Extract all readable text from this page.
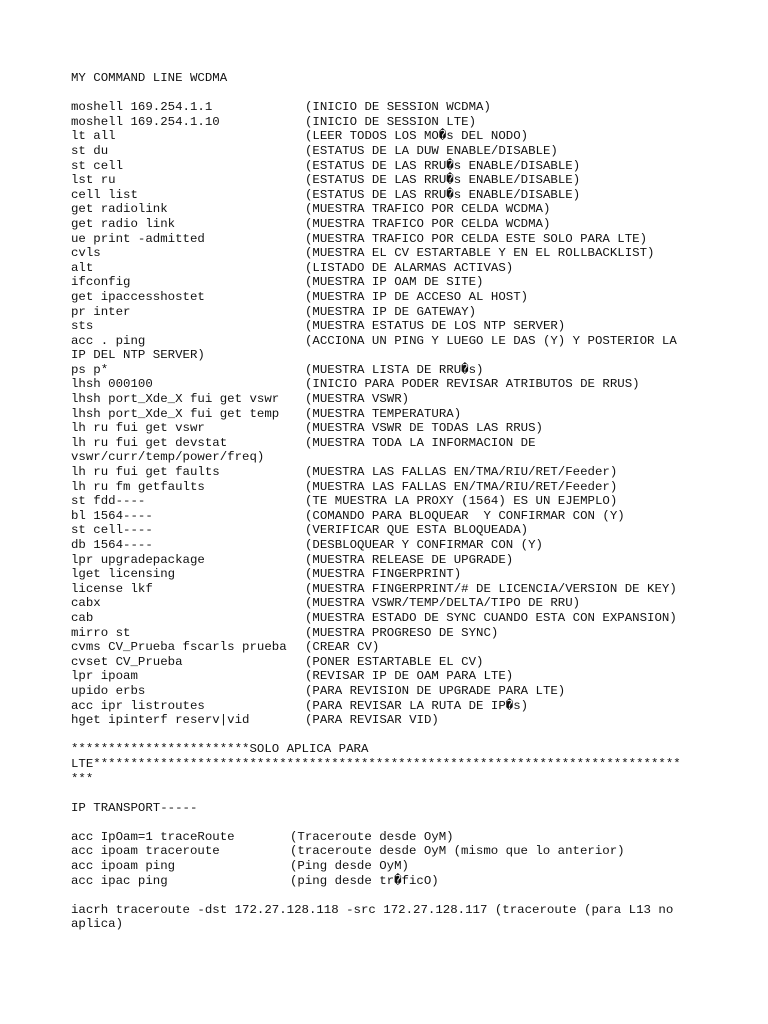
MY COMMAND LINE WCDMA
moshell 169.254.1.1	(INICIO DE SESSION WCDMA)
moshell 169.254.1.10	(INICIO DE SESSION LTE)
lt all	(LEER TODOS LOS MO�s DEL NODO)
st du	(ESTATUS DE LA DUW ENABLE/DISABLE)
st cell	(ESTATUS DE LAS RRU�s ENABLE/DISABLE)
lst ru	(ESTATUS DE LAS RRU�s ENABLE/DISABLE)
cell list	(ESTATUS DE LAS RRU�s ENABLE/DISABLE)
get radiolink	(MUESTRA TRAFICO POR CELDA WCDMA)
get radio link	(MUESTRA TRAFICO POR CELDA WCDMA)
ue print -admitted	(MUESTRA TRAFICO POR CELDA ESTE SOLO PARA LTE)
cvls	(MUESTRA EL CV ESTARTABLE Y EN EL ROLLBACKLIST)
alt	(LISTADO DE ALARMAS ACTIVAS)
ifconfig	(MUESTRA IP OAM DE SITE)
get ipaccesshostet	(MUESTRA IP DE ACCESO AL HOST)
pr inter	(MUESTRA IP DE GATEWAY)
sts	(MUESTRA ESTATUS DE LOS NTP SERVER)
acc . ping	(ACCIONA UN PING Y LUEGO LE DAS (Y) Y POSTERIOR LA
IP DEL NTP SERVER)
ps p*	(MUESTRA LISTA DE RRU�s)
lhsh 000100	(INICIO PARA PODER REVISAR ATRIBUTOS DE RRUS)
lhsh port_Xde_X fui get vswr	(MUESTRA VSWR)
lhsh port_Xde_X fui get temp	(MUESTRA TEMPERATURA)
lh ru fui get vswr	(MUESTRA VSWR DE TODAS LAS RRUS)
lh ru fui get devstat	(MUESTRA TODA LA INFORMACION DE
vswr/curr/temp/power/freq)
lh ru fui get faults	(MUESTRA LAS FALLAS EN/TMA/RIU/RET/Feeder)
lh ru fm getfaults	(MUESTRA LAS FALLAS EN/TMA/RIU/RET/Feeder)
st fdd----	(TE MUESTRA LA PROXY (1564) ES UN EJEMPLO)
bl 1564----	(COMANDO PARA BLOQUEAR  Y CONFIRMAR CON (Y)
st cell----	(VERIFICAR QUE ESTA BLOQUEADA)
db 1564----	(DESBLOQUEAR Y CONFIRMAR CON (Y)
lpr upgradepackage	(MUESTRA RELEASE DE UPGRADE)
lget licensing	(MUESTRA FINGERPRINT)
license lkf	(MUESTRA FINGERPRINT/# DE LICENCIA/VERSION DE KEY)
cabx	(MUESTRA VSWR/TEMP/DELTA/TIPO DE RRU)
cab	(MUESTRA ESTADO DE SYNC CUANDO ESTA CON EXPANSION)
mirro st	(MUESTRA PROGRESO DE SYNC)
cvms CV_Prueba fscarls prueba	(CREAR CV)
cvset CV_Prueba	(PONER ESTARTABLE EL CV)
lpr ipoam	(REVISAR IP DE OAM PARA LTE)
upido erbs	(PARA REVISION DE UPGRADE PARA LTE)
acc ipr listroutes	(PARA REVISAR LA RUTA DE IP�s)
hget ipinterf reserv|vid	(PARA REVISAR VID)
************************SOLO APLICA PARA
LTE*******************************************************************************
***
IP TRANSPORT-----
acc IpOam=1 traceRoute	(Traceroute desde OyM)
acc ipoam traceroute	(traceroute desde OyM (mismo que lo anterior)
acc ipoam ping	(Ping desde OyM)
acc ipac ping	(ping desde tr�ficO)
iacrh traceroute -dst 172.27.128.118 -src 172.27.128.117 (traceroute (para L13 no
aplica)
